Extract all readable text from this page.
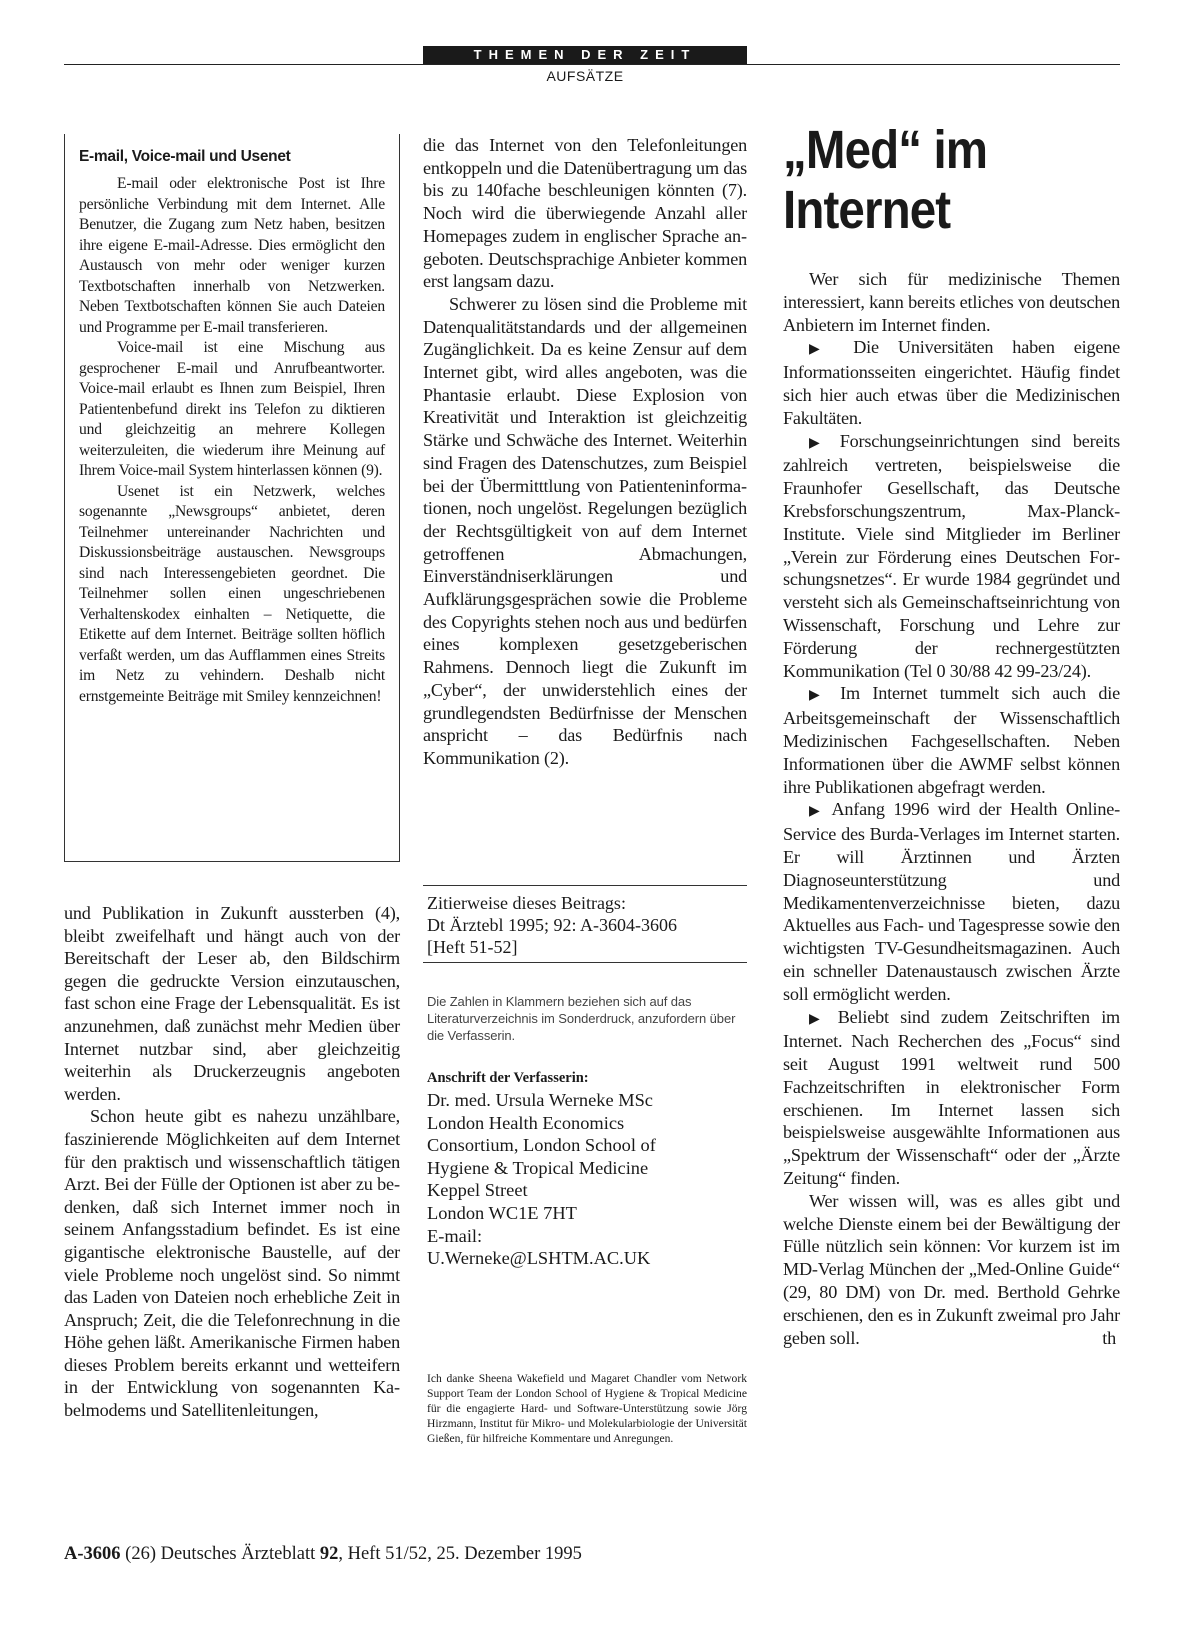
THEMEN DER ZEIT
AUFSÄTZE
E-mail, Voice-mail und Usenet

E-mail oder elektronische Post ist Ihre persönliche Verbindung mit dem Internet. Alle Benutzer, die Zugang zum Netz haben, besitzen ihre eigene E-mail-Adresse. Dies ermöglicht den Austausch von mehr oder weniger kurzen Textbotschaften innerhalb von Netzwerken. Neben Textbotschaften können Sie auch Dateien und Programme per E-mail transferieren.

Voice-mail ist eine Mischung aus gesprochener E-mail und Anrufbeantworter. Voice-mail erlaubt es Ihnen zum Beispiel, Ihren Patientenbefund direkt ins Telefon zu diktieren und gleichzeitig an mehrere Kollegen weiterzuleiten, die wiederum ihre Meinung auf Ihrem Voice-mail System hinterlassen können (9).

Usenet ist ein Netzwerk, welches sogenannte „Newsgroups“ anbietet, deren Teilnehmer untereinander Nachrichten und Diskussionsbeiträge austauschen. Newsgroups sind nach Interessengebieten geordnet. Die Teilnehmer sollen einen ungeschriebenen Verhaltenskodex einhalten – Netiquette, die Etikette auf dem Internet. Beiträge sollten höflich verfaßt werden, um das Aufflammen eines Streits im Netz zu vehindern. Deshalb nicht ernstgemeinte Beiträge mit Smiley kennzeichnen!

und Publikation in Zukunft aussterben (4), bleibt zweifelhaft und hängt auch von der Bereitschaft der Leser ab, den Bildschirm gegen die gedruckte Version einzutauschen, fast schon eine Frage der Lebensqualität. Es ist anzunehmen, daß zunächst mehr Medien über Internet nutzbar sind, aber gleichzeitig weiterhin als Druckerzeugnis angeboten werden.

Schon heute gibt es nahezu unzählbare, faszinierende Möglichkeiten auf dem Internet für den praktisch und wissenschaftlich tätigen Arzt. Bei der Fülle der Optionen ist aber zu bedenken, daß sich Internet immer noch in seinem Anfangsstadium befindet. Es ist eine gigantische elektronische Baustelle, auf der viele Probleme noch ungelöst sind. So nimmt das Laden von Dateien noch erhebliche Zeit in Anspruch; Zeit, die die Telefonrechnung in die Höhe gehen läßt. Amerikanische Firmen haben dieses Problem bereits erkannt und wetteifern in der Entwicklung von sogenannten Kabelmodems und Satellitenleitungen,

die das Internet von den Telefonleitungen entkoppeln und die Datenübertragung um das bis zu 140fache beschleunigen könnten (7). Noch wird die überwiegende Anzahl aller Homepages zudem in englischer Sprache angeboten. Deutschsprachige Anbieter kommen erst langsam dazu.

Schwerer zu lösen sind die Probleme mit Datenqualitätstandards und der allgemeinen Zugänglichkeit. Da es keine Zensur auf dem Internet gibt, wird alles angeboten, was die Phantasie erlaubt. Diese Explosion von Kreativität und Interaktion ist gleichzeitig Stärke und Schwäche des Internet. Weiterhin sind Fragen des Datenschutzes, zum Beispiel bei der Übermitttlung von Patienteninformationen, noch ungelöst. Regelungen bezüglich der Rechtsgültigkeit von auf dem Internet getroffenen Abmachungen, Einverständniserklärungen und Aufklärungsgesprächen sowie die Probleme des Copyrights stehen noch aus und bedürfen eines komplexen gesetzgeberischen Rahmens. Dennoch liegt die Zukunft im „Cyber“, der unwiderstehlich eines der grundlegendsten Bedürfnisse der Menschen anspricht – das Bedürfnis nach Kommunikation (2).

Zitierweise dieses Beitrags:
Dt Ärztebl 1995; 92: A-3604-3606
[Heft 51-52]
Die Zahlen in Klammern beziehen sich auf das Literaturverzeichnis im Sonderdruck, anzufordern über die Verfasserin.
Anschrift der Verfasserin:
Dr. med. Ursula Werneke MSc
London Health Economics
Consortium, London School of
Hygiene & Tropical Medicine
Keppel Street
London WC1E 7HT
E-mail:
U.Werneke@LSHTM.AC.UK
Ich danke Sheena Wakefield und Magaret Chandler vom Network Support Team der London School of Hygiene & Tropical Medicine für die engagierte Hard- und Software-Unterstützung sowie Jörg Hirzmann, Institut für Mikro- und Molekularbiologie der Universität Gießen, für hilfreiche Kommentare und Anregungen.
„Med“ im
Internet

Wer sich für medizinische Themen interessiert, kann bereits etliches von deutschen Anbietern im Internet finden.

▶ Die Universitäten haben eigene Informationsseiten eingerichtet. Häufig findet sich hier auch etwas über die Medizinischen Fakultäten.

▶ Forschungseinrichtungen sind bereits zahlreich vertreten, beispielsweise die Fraunhofer Gesellschaft, das Deutsche Krebsforschungszentrum, Max-Planck-Institute. Viele sind Mitglieder im Berliner „Verein zur Förderung eines Deutschen Forschungsnetzes“. Er wurde 1984 gegründet und versteht sich als Gemeinschaftseinrichtung von Wissenschaft, Forschung und Lehre zur Förderung der rechnergestützten Kommunikation (Tel 0 30/88 42 99-23/24).

▶ Im Internet tummelt sich auch die Arbeitsgemeinschaft der Wissenschaftlich Medizinischen Fachgesellschaften. Neben Informationen über die AWMF selbst können ihre Publikationen abgefragt werden.

▶ Anfang 1996 wird der Health Online-Service des Burda-Verlages im Internet starten. Er will Ärztinnen und Ärzten Diagnoseunterstützung und Medikamentenverzeichnisse bieten, dazu Aktuelles aus Fach- und Tagespresse sowie den wichtigsten TV-Gesundheitsmagazinen. Auch ein schneller Datenaustausch zwischen Ärzte soll ermöglicht werden.

▶ Beliebt sind zudem Zeitschriften im Internet. Nach Recherchen des „Focus“ sind seit August 1991 weltweit rund 500 Fachzeitschriften in elektronischer Form erschienen. Im Internet lassen sich beispielsweise ausgewählte Informationen aus „Spektrum der Wissenschaft“ oder der „Ärzte Zeitung“ finden.

Wer wissen will, was es alles gibt und welche Dienste einem bei der Bewältigung der Fülle nützlich sein können: Vor kurzem ist im MD-Verlag München der „Med-Online Guide“ (29, 80 DM) von Dr. med. Berthold Gehrke erschienen, den es in Zukunft zweimal pro Jahr geben soll.	th

A-3606 (26) Deutsches Ärzteblatt 92, Heft 51/52, 25. Dezember 1995
